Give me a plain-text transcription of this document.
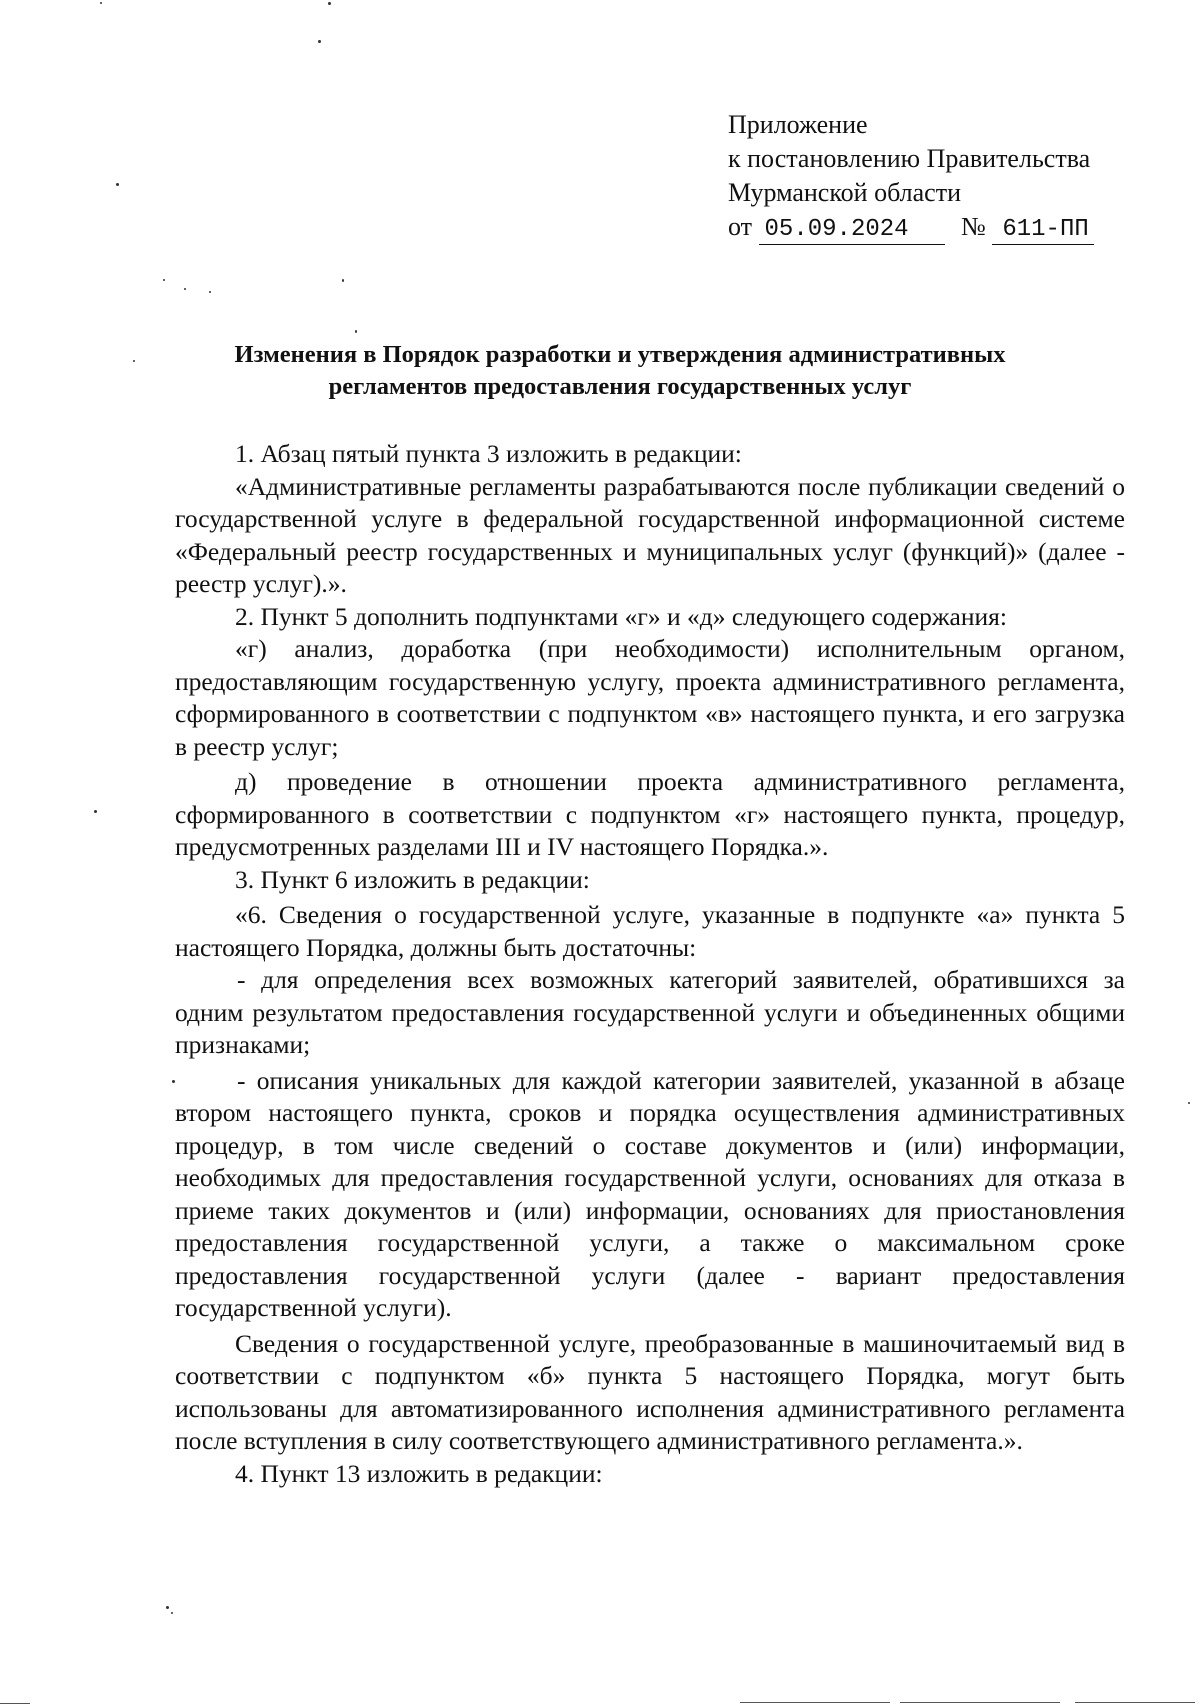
Приложение
к постановлению Правительства
Мурманской области
от 05.09.2024 № 611-ПП
Изменения в Порядок разработки и утверждения административных
регламентов предоставления государственных услуг

1. Абзац пятый пункта 3 изложить в редакции:

«Административные регламенты разрабатываются после публикации сведений о государственной услуге в федеральной государственной информационной системе «Федеральный реестр государственных и муниципальных услуг (функций)» (далее - реестр услуг).».

2. Пункт 5 дополнить подпунктами «г» и «д» следующего содержания:

«г) анализ, доработка (при необходимости) исполнительным органом, предоставляющим государственную услугу, проекта административного регламента, сформированного в соответствии с подпунктом «в» настоящего пункта, и его загрузка в реестр услуг;

д) проведение в отношении проекта административного регламента, сформированного в соответствии с подпунктом «г» настоящего пункта, процедур, предусмотренных разделами III и IV настоящего Порядка.».

3. Пункт 6 изложить в редакции:

«6. Сведения о государственной услуге, указанные в подпункте «а» пункта 5 настоящего Порядка, должны быть достаточны:

- для определения всех возможных категорий заявителей, обратившихся за одним результатом предоставления государственной услуги и объединенных общими признаками;

- описания уникальных для каждой категории заявителей, указанной в абзаце втором настоящего пункта, сроков и порядка осуществления административных процедур, в том числе сведений о составе документов и (или) информации, необходимых для предоставления государственной услуги, основаниях для отказа в приеме таких документов и (или) информации, основаниях для приостановления предоставления государственной услуги, а также о максимальном сроке предоставления государственной услуги (далее - вариант предоставления государственной услуги).

Сведения о государственной услуге, преобразованные в машиночитаемый вид в соответствии с подпунктом «б» пункта 5 настоящего Порядка, могут быть использованы для автоматизированного исполнения административного регламента после вступления в силу соответствующего административного регламента.».

4. Пункт 13 изложить в редакции:
